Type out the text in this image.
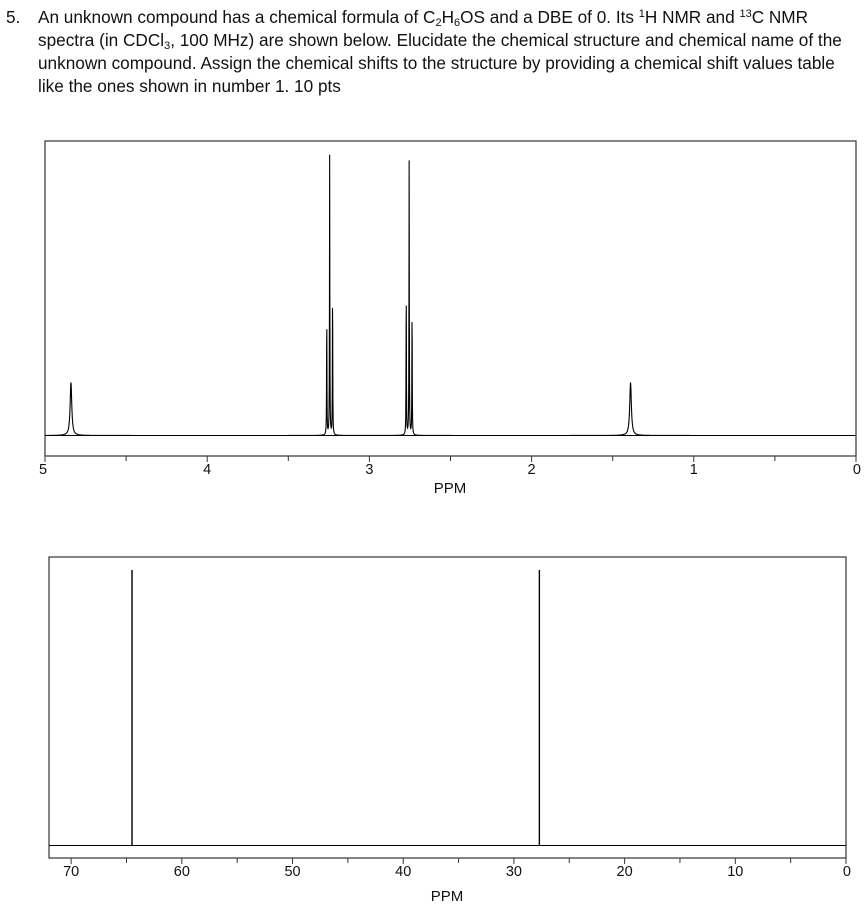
5. An unknown compound has a chemical formula of $C_2H_6OS$ and a DBE of 0. Its $^1$H NMR and $^{13}$C NMR spectra (in CDCl$_3$, 100 MHz) are shown below. Elucidate the chemical structure and chemical name of the unknown compound. Assign the chemical shifts to the structure by providing a chemical shift values table like the ones shown in number 1. 10 pts
5	4	3	2	1	0
PPM
70	60	50	40	30	20	10	0
PPM
